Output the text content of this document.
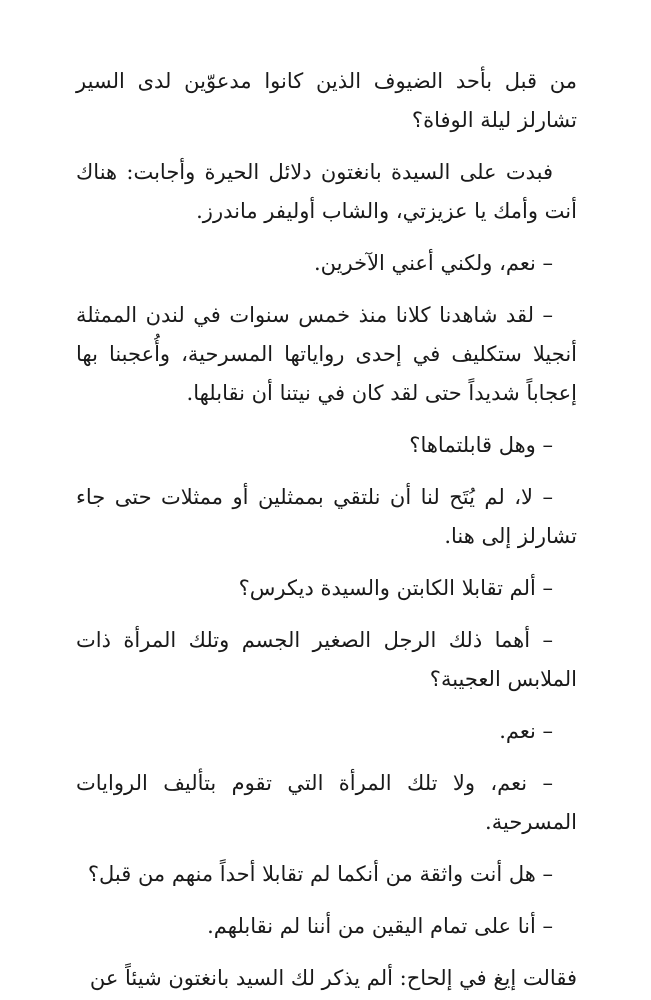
من قبل بأحد الضيوف الذين كانوا مدعوّين لدى السير تشارلز ليلة الوفاة؟

فبدت على السيدة بانغتون دلائل الحيرة وأجابت: هناك أنت وأمك يا عزيزتي، والشاب أوليفر ماندرز.

– نعم، ولكني أعني الآخرين.

– لقد شاهدنا كلانا منذ خمس سنوات في لندن الممثلة أنجيلا ستكليف في إحدى رواياتها المسرحية، وأُعجبنا بها إعجاباً شديداً حتى لقد كان في نيتنا أن نقابلها.

– وهل قابلتماها؟

– لا، لم يُتَح لنا أن نلتقي بممثلين أو ممثلات حتى جاء تشارلز إلى هنا.

– ألم تقابلا الكابتن والسيدة ديكرس؟

– أهما ذلك الرجل الصغير الجسم وتلك المرأة ذات الملابس العجيبة؟

– نعم.

– نعم، ولا تلك المرأة التي تقوم بتأليف الروايات المسرحية.

– هل أنت واثقة من أنكما لم تقابلا أحداً منهم من قبل؟

– أنا على تمام اليقين من أننا لم نقابلهم.

فقالت إيغ في إلحاح: ألم يذكر لك السيد بانغتون شيئاً عن
